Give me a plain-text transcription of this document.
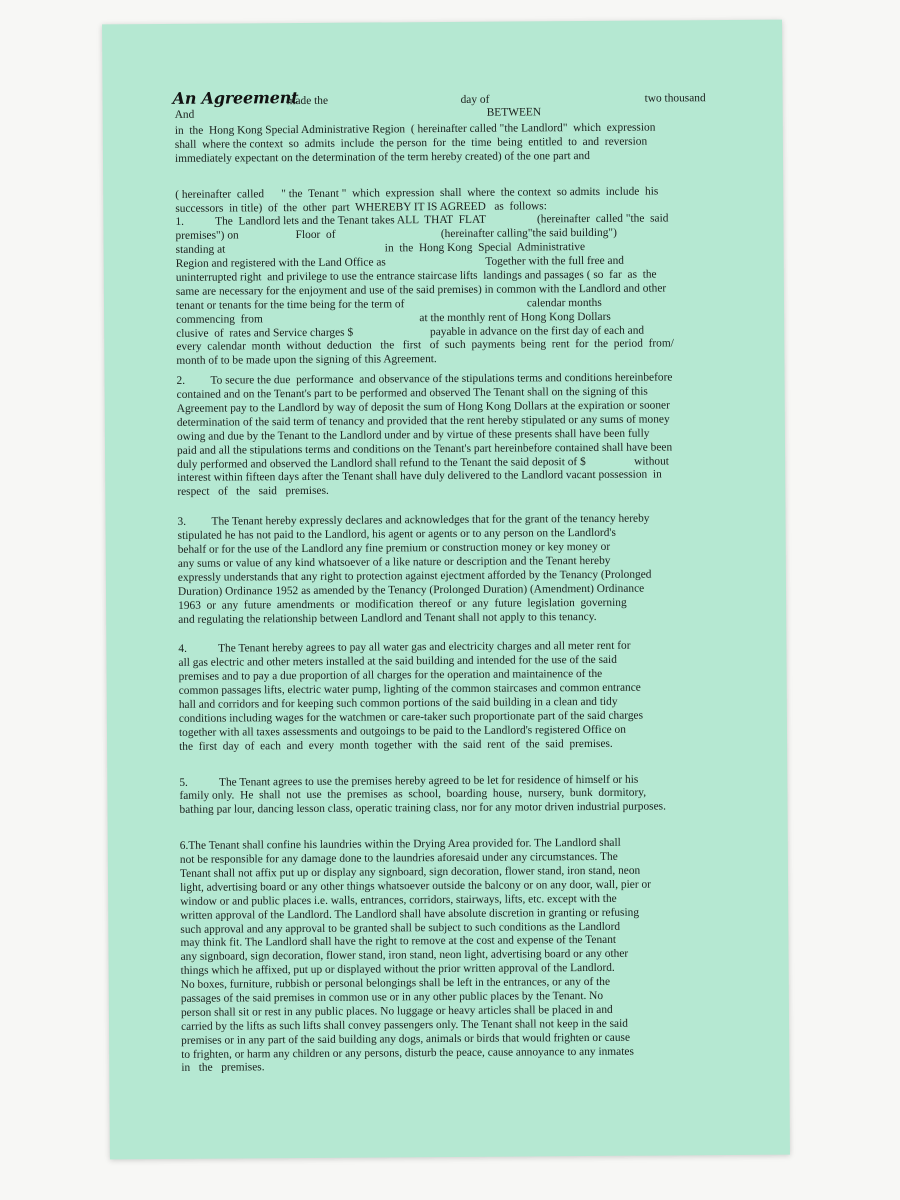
An Agreement
made the	day of	two thousand
And	BETWEEN
in  the  Hong Kong Special Administrative Region  ( hereinafter called "the Landlord"  which  expression
shall  where the context  so  admits  include  the person  for  the  time  being  entitled  to  and  reversion
immediately expectant on the determination of the term hereby created) of the one part and
( hereinafter  called      " the  Tenant "  which  expression  shall  where  the context  so admits  include  his
successors  in title)  of  the  other  part  WHEREBY IT IS AGREED   as  follows:
1.           The  Landlord lets and the Tenant takes ALL  THAT  FLAT                  (hereinafter  called "the  said
premises") on                    Floor  of                                     (hereinafter calling"the said building")
standing at                                                        in  the  Hong Kong  Special  Administrative
Region and registered with the Land Office as                                   Together with the full free and
uninterrupted right  and privilege to use the entrance staircase lifts  landings and passages ( so  far  as  the
same are necessary for the enjoyment and use of the said premises) in common with the Landlord and other
tenant or tenants for the time being for the term of                                           calendar months
commencing  from                                                       at the monthly rent of Hong Kong Dollars
clusive  of  rates and Service charges $                           payable in advance on the first day of each and
every  calendar  month  without  deduction   the   first   of  such  payments  being  rent  for  the  period  from/
month of to be made upon the signing of this Agreement.
2.         To secure the due  performance  and observance of the stipulations terms and conditions hereinbefore
contained and on the Tenant's part to be performed and observed The Tenant shall on the signing of this
Agreement pay to the Landlord by way of deposit the sum of Hong Kong Dollars at the expiration or sooner
determination of the said term of tenancy and provided that the rent hereby stipulated or any sums of money
owing and due by the Tenant to the Landlord under and by virtue of these presents shall have been fully
paid and all the stipulations terms and conditions on the Tenant's part hereinbefore contained shall have been
duly performed and observed the Landlord shall refund to the Tenant the said deposit of $                 without
interest within fifteen days after the Tenant shall have duly delivered to the Landlord vacant possession  in
respect   of   the   said   premises.
3.         The Tenant hereby expressly declares and acknowledges that for the grant of the tenancy hereby
stipulated he has not paid to the Landlord, his agent or agents or to any person on the Landlord's
behalf or for the use of the Landlord any fine premium or construction money or key money or
any sums or value of any kind whatsoever of a like nature or description and the Tenant hereby
expressly understands that any right to protection against ejectment afforded by the Tenancy (Prolonged
Duration) Ordinance 1952 as amended by the Tenancy (Prolonged Duration) (Amendment) Ordinance
1963  or  any  future  amendments  or  modification  thereof  or  any  future  legislation  governing
and regulating the relationship between Landlord and Tenant shall not apply to this tenancy.
4.           The Tenant hereby agrees to pay all water gas and electricity charges and all meter rent for
all gas electric and other meters installed at the said building and intended for the use of the said
premises and to pay a due proportion of all charges for the operation and maintainence of the
common passages lifts, electric water pump, lighting of the common staircases and common entrance
hall and corridors and for keeping such common portions of the said building in a clean and tidy
conditions including wages for the watchmen or care-taker such proportionate part of the said charges
together with all taxes assessments and outgoings to be paid to the Landlord's registered Office on
the  first  day  of  each  and  every  month  together  with  the  said  rent  of  the  said  premises.
5.           The Tenant agrees to use the premises hereby agreed to be let for residence of himself or his
family only.  He  shall  not  use  the  premises  as  school,  boarding  house,  nursery,  bunk  dormitory,
bathing par lour, dancing lesson class, operatic training class, nor for any motor driven industrial purposes.
6.The Tenant shall confine his laundries within the Drying Area provided for. The Landlord shall
not be responsible for any damage done to the laundries aforesaid under any circumstances. The
Tenant shall not affix put up or display any signboard, sign decoration, flower stand, iron stand, neon
light, advertising board or any other things whatsoever outside the balcony or on any door, wall, pier or
window or and public places i.e. walls, entrances, corridors, stairways, lifts, etc. except with the
written approval of the Landlord. The Landlord shall have absolute discretion in granting or refusing
such approval and any approval to be granted shall be subject to such conditions as the Landlord
may think fit. The Landlord shall have the right to remove at the cost and expense of the Tenant
any signboard, sign decoration, flower stand, iron stand, neon light, advertising board or any other
things which he affixed, put up or displayed without the prior written approval of the Landlord.
No boxes, furniture, rubbish or personal belongings shall be left in the entrances, or any of the
passages of the said premises in common use or in any other public places by the Tenant. No
person shall sit or rest in any public places. No luggage or heavy articles shall be placed in and
carried by the lifts as such lifts shall convey passengers only. The Tenant shall not keep in the said
premises or in any part of the said building any dogs, animals or birds that would frighten or cause
to frighten, or harm any children or any persons, disturb the peace, cause annoyance to any inmates
in   the   premises.
